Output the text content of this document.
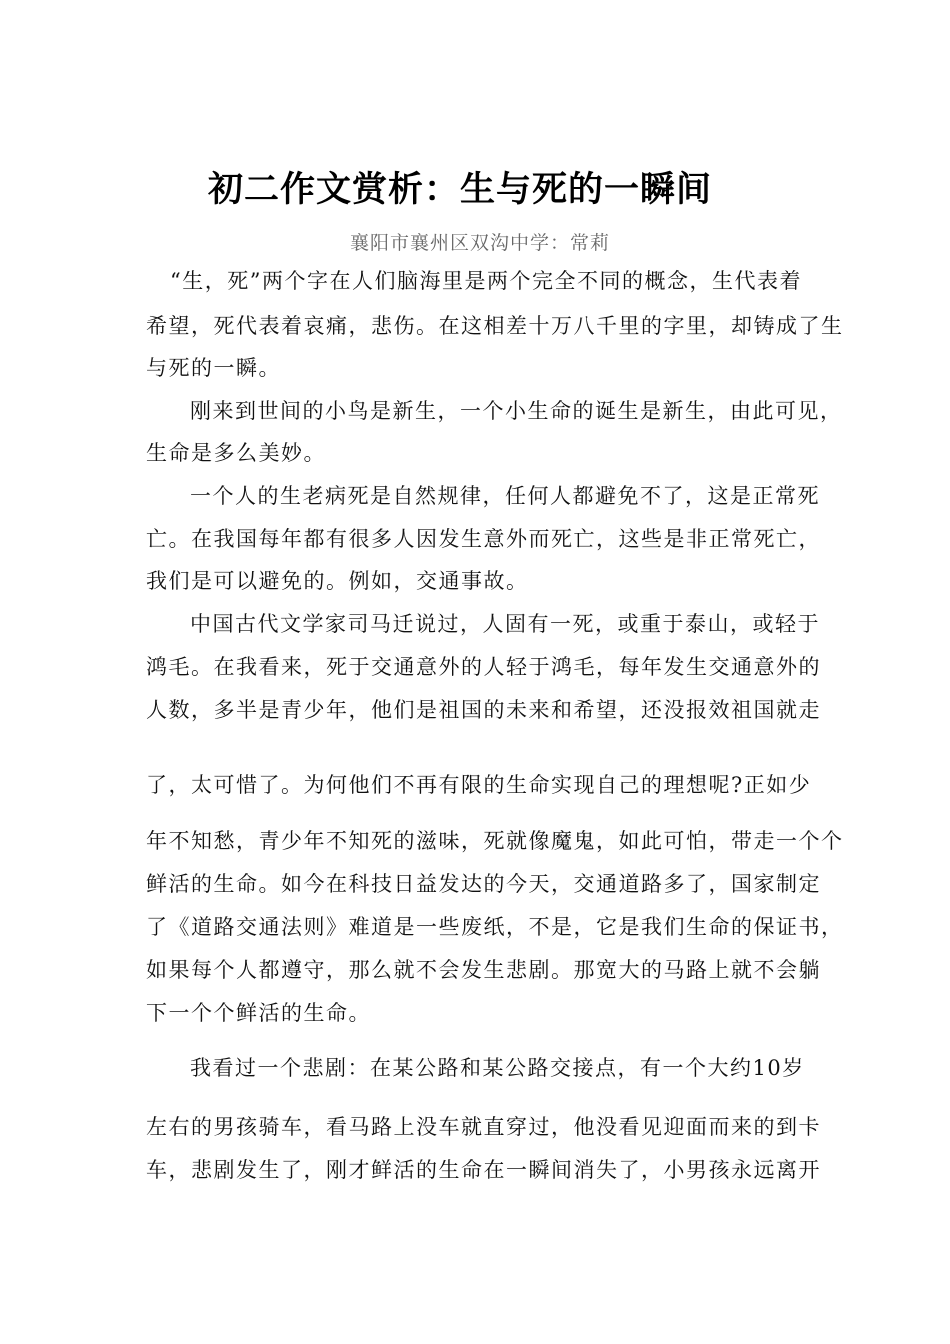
初二作文赏析：生与死的一瞬间
襄阳市襄州区双沟中学：常莉
“生，死”两个字在人们脑海里是两个完全不同的概念，生代表着
希望，死代表着哀痛，悲伤。在这相差十万八千里的字里，却铸成了生
与死的一瞬。
刚来到世间的小鸟是新生，一个小生命的诞生是新生，由此可见，
生命是多么美妙。
一个人的生老病死是自然规律，任何人都避免不了，这是正常死
亡。在我国每年都有很多人因发生意外而死亡，这些是非正常死亡，
我们是可以避免的。例如，交通事故。
中国古代文学家司马迁说过，人固有一死，或重于泰山，或轻于
鸿毛。在我看来，死于交通意外的人轻于鸿毛，每年发生交通意外的
人数，多半是青少年，他们是祖国的未来和希望，还没报效祖国就走
了，太可惜了。为何他们不再有限的生命实现自己的理想呢?正如少
年不知愁，青少年不知死的滋味，死就像魔鬼，如此可怕，带走一个个
鲜活的生命。如今在科技日益发达的今天，交通道路多了，国家制定
了《道路交通法则》难道是一些废纸，不是，它是我们生命的保证书，
如果每个人都遵守，那么就不会发生悲剧。那宽大的马路上就不会躺
下一个个鲜活的生命。
我看过一个悲剧：在某公路和某公路交接点，有一个大约10岁
左右的男孩骑车，看马路上没车就直穿过，他没看见迎面而来的到卡
车，悲剧发生了，刚才鲜活的生命在一瞬间消失了，小男孩永远离开
